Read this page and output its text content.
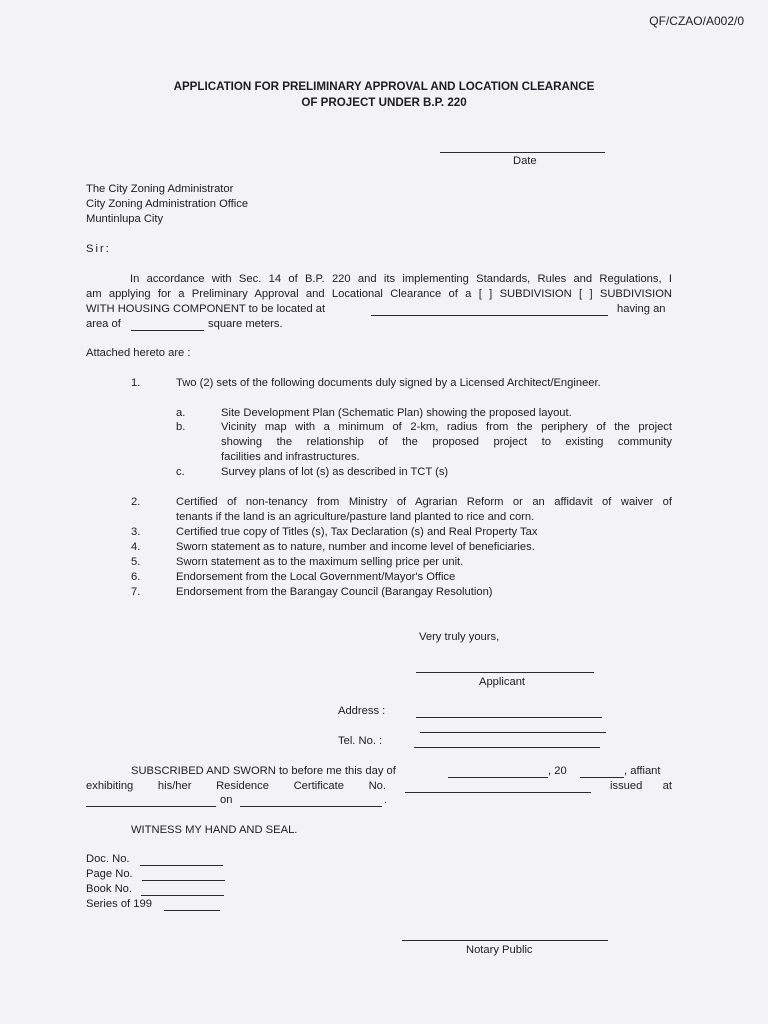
QF/CZAO/A002/0
APPLICATION FOR PRELIMINARY APPROVAL AND LOCATION CLEARANCE
OF PROJECT UNDER B.P. 220
Date
The City Zoning Administrator
City Zoning Administration Office
Muntinlupa City
Sir:
In accordance with Sec. 14 of B.P. 220 and its implementing Standards, Rules and Regulations, I
am applying for a Preliminary Approval and Locational Clearance of a [ ] SUBDIVISION [ ] SUBDIVISION
WITH HOUSING COMPONENT to be located at	having an
area of	square meters.
Attached hereto are :
1.	Two (2) sets of the following documents duly signed by a Licensed Architect/Engineer.
a.	Site Development Plan (Schematic Plan) showing the proposed layout.
b.	Vicinity map with a minimum of 2-km, radius from the periphery of the project
showing the relationship of the proposed project to existing community
facilities and infrastructures.
c.	Survey plans of lot (s) as described in TCT (s)
2.	Certified of non-tenancy from Ministry of Agrarian Reform or an affidavit of waiver of
tenants if the land is an agriculture/pasture land planted to rice and corn.
3.	Certified true copy of Titles (s), Tax Declaration (s) and Real Property Tax
4.	Sworn statement as to nature, number and income level of beneficiaries.
5.	Sworn statement as to the maximum selling price per unit.
6.	Endorsement from the Local Government/Mayor's Office
7.	Endorsement from the Barangay Council (Barangay Resolution)
Very truly yours,
Applicant
Address :
Tel. No. :
SUBSCRIBED AND SWORN to before me this day of	, 20	, affiant
exhibiting his/her Residence Certificate No.	issued at
on	.
WITNESS MY HAND AND SEAL.
Doc. No.
Page No.
Book No.
Series of 199
Notary Public
